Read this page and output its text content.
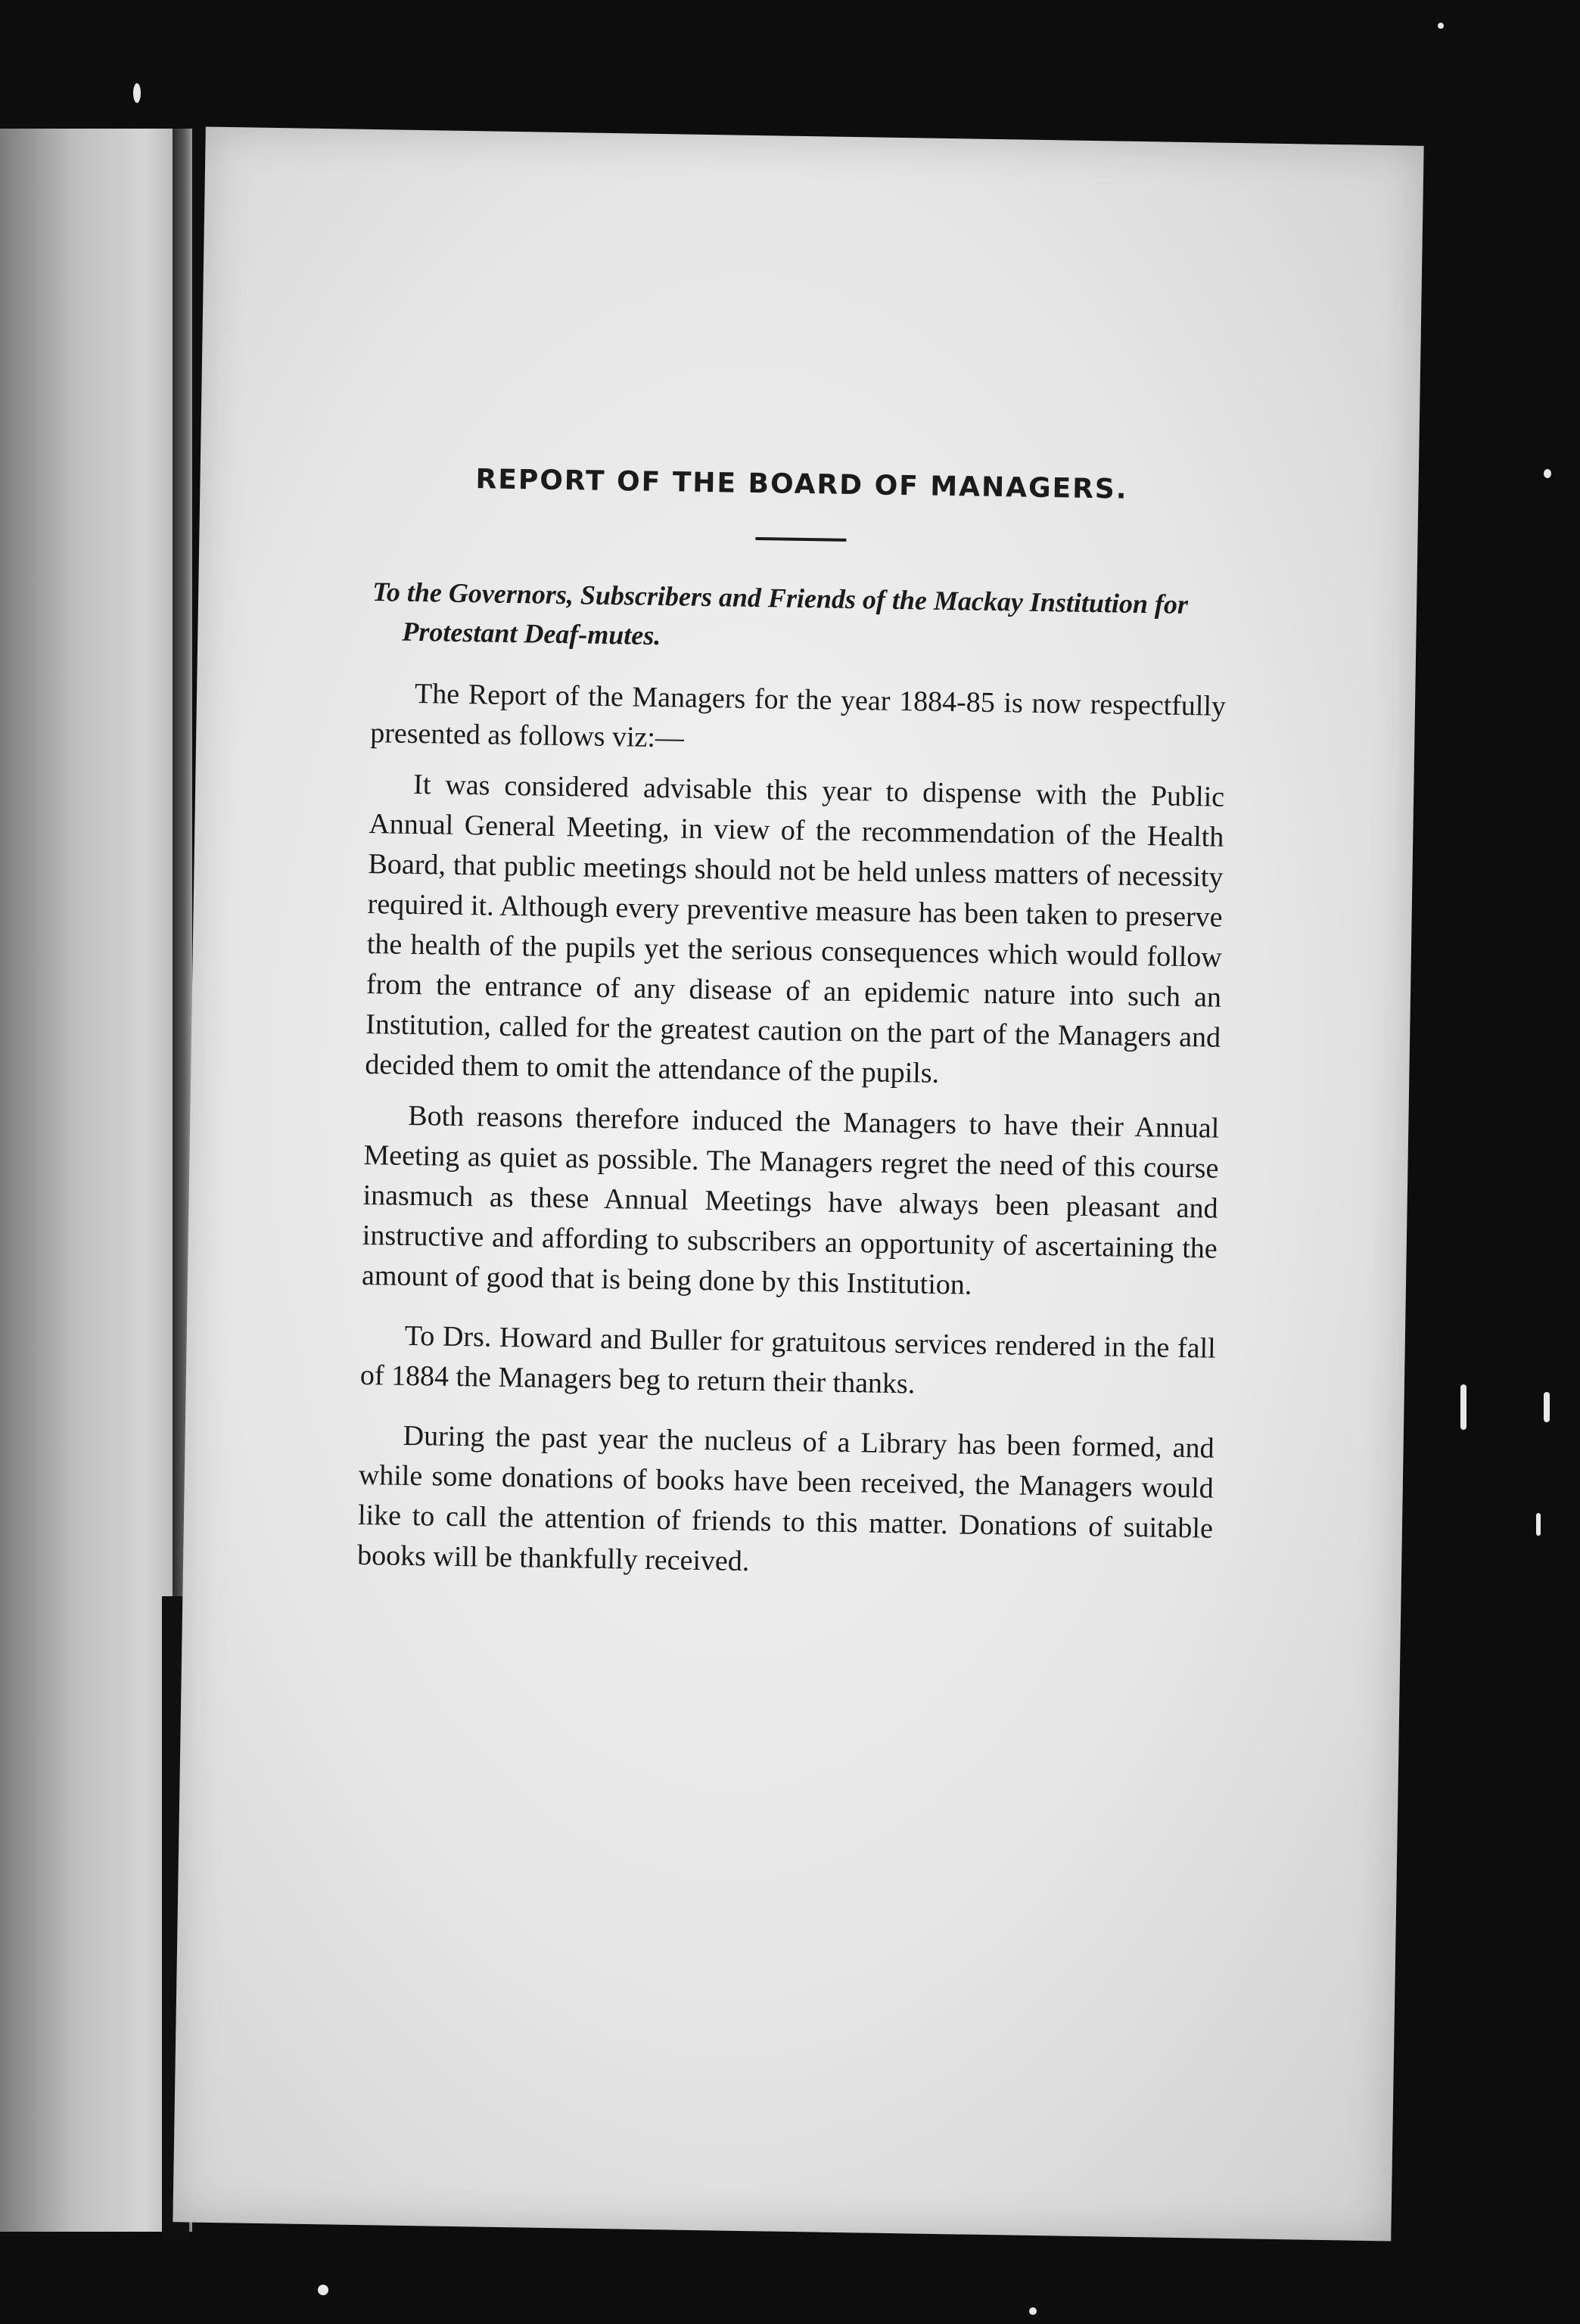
REPORT OF THE BOARD OF MANAGERS.

To the Governors, Subscribers and Friends of the Mackay Institution for Protestant Deaf-mutes.

The Report of the Managers for the year 1884-85 is now respectfully presented as follows viz:—

It was considered advisable this year to dispense with the Public Annual General Meeting, in view of the recommendation of the Health Board, that public meetings should not be held unless matters of necessity required it. Although every preventive measure has been taken to preserve the health of the pupils yet the serious consequences which would follow from the entrance of any disease of an epidemic nature into such an Institution, called for the greatest caution on the part of the Managers and decided them to omit the attendance of the pupils.

Both reasons therefore induced the Managers to have their Annual Meeting as quiet as possible. The Managers regret the need of this course inasmuch as these Annual Meetings have always been pleasant and instructive and affording to subscribers an opportunity of ascertaining the amount of good that is being done by this Institution.

To Drs. Howard and Buller for gratuitous services rendered in the fall of 1884 the Managers beg to return their thanks.

During the past year the nucleus of a Library has been formed, and while some donations of books have been received, the Managers would like to call the attention of friends to this matter. Donations of suitable books will be thankfully received.
